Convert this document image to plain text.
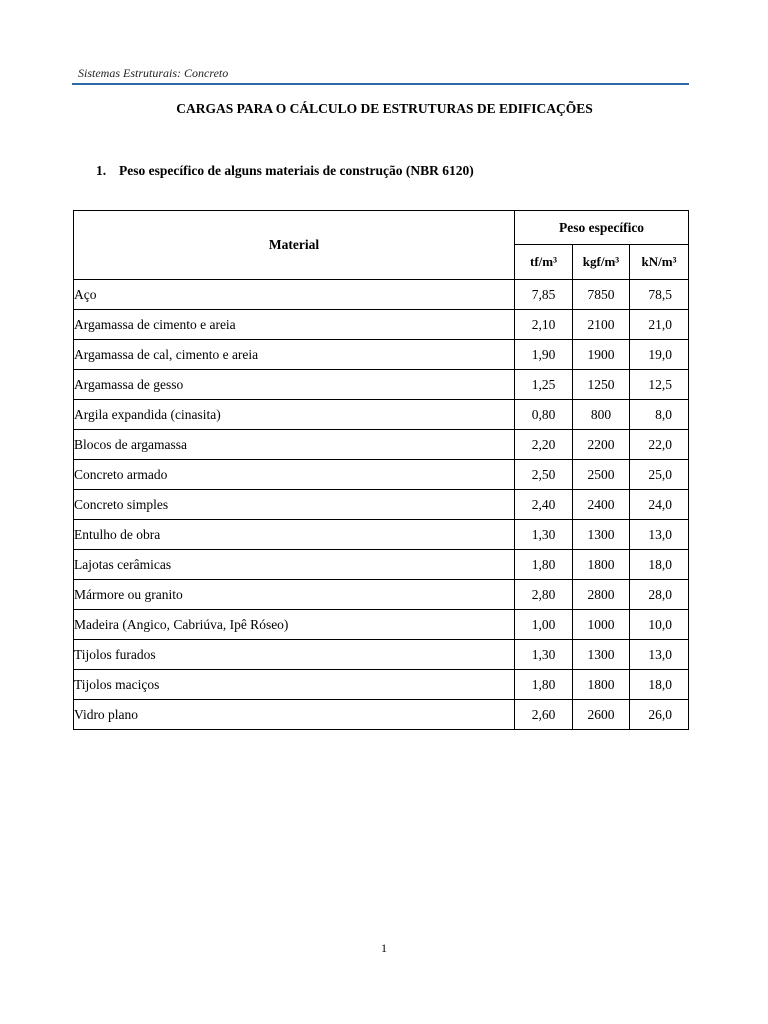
Sistemas Estruturais: Concreto
CARGAS PARA O CÁLCULO DE ESTRUTURAS DE EDIFICAÇÕES
1. Peso específico de alguns materiais de construção (NBR 6120)
Material	Peso específico		
	tf/m³	kgf/m³	kN/m³
Aço	7,85	7850	78,5
Argamassa de cimento e areia	2,10	2100	21,0
Argamassa de cal, cimento e areia	1,90	1900	19,0
Argamassa de gesso	1,25	1250	12,5
Argila expandida (cinasita)	0,80	800	8,0
Blocos de argamassa	2,20	2200	22,0
Concreto armado	2,50	2500	25,0
Concreto simples	2,40	2400	24,0
Entulho de obra	1,30	1300	13,0
Lajotas cerâmicas	1,80	1800	18,0
Mármore ou granito	2,80	2800	28,0
Madeira (Angico, Cabriúva, Ipê Róseo)	1,00	1000	10,0
Tijolos furados	1,30	1300	13,0
Tijolos maciços	1,80	1800	18,0
Vidro plano	2,60	2600	26,0
1
